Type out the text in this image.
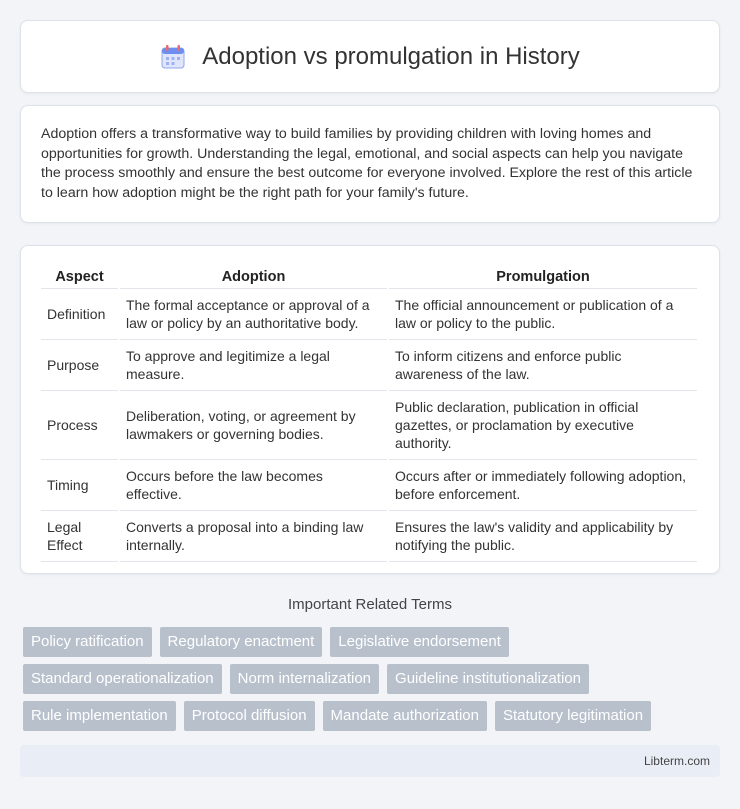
Adoption vs promulgation in History

Adoption offers a transformative way to build families by providing children with loving homes and opportunities for growth. Understanding the legal, emotional, and social aspects can help you navigate the process smoothly and ensure the best outcome for everyone involved. Explore the rest of this article to learn how adoption might be the right path for your family's future.

Aspect	Adoption	Promulgation
Definition	The formal acceptance or approval of a law or policy by an authoritative body.	The official announcement or publication of a law or policy to the public.
Purpose	To approve and legitimize a legal measure.	To inform citizens and enforce public awareness of the law.
Process	Deliberation, voting, or agreement by lawmakers or governing bodies.	Public declaration, publication in official gazettes, or proclamation by executive authority.
Timing	Occurs before the law becomes effective.	Occurs after or immediately following adoption, before enforcement.
Legal Effect	Converts a proposal into a binding law internally.	Ensures the law's validity and applicability by notifying the public.
Important Related Terms
Policy ratification	Regulatory enactment	Legislative endorsement
Standard operationalization	Norm internalization	Guideline institutionalization
Rule implementation	Protocol diffusion	Mandate authorization	Statutory legitimation
Libterm.com
